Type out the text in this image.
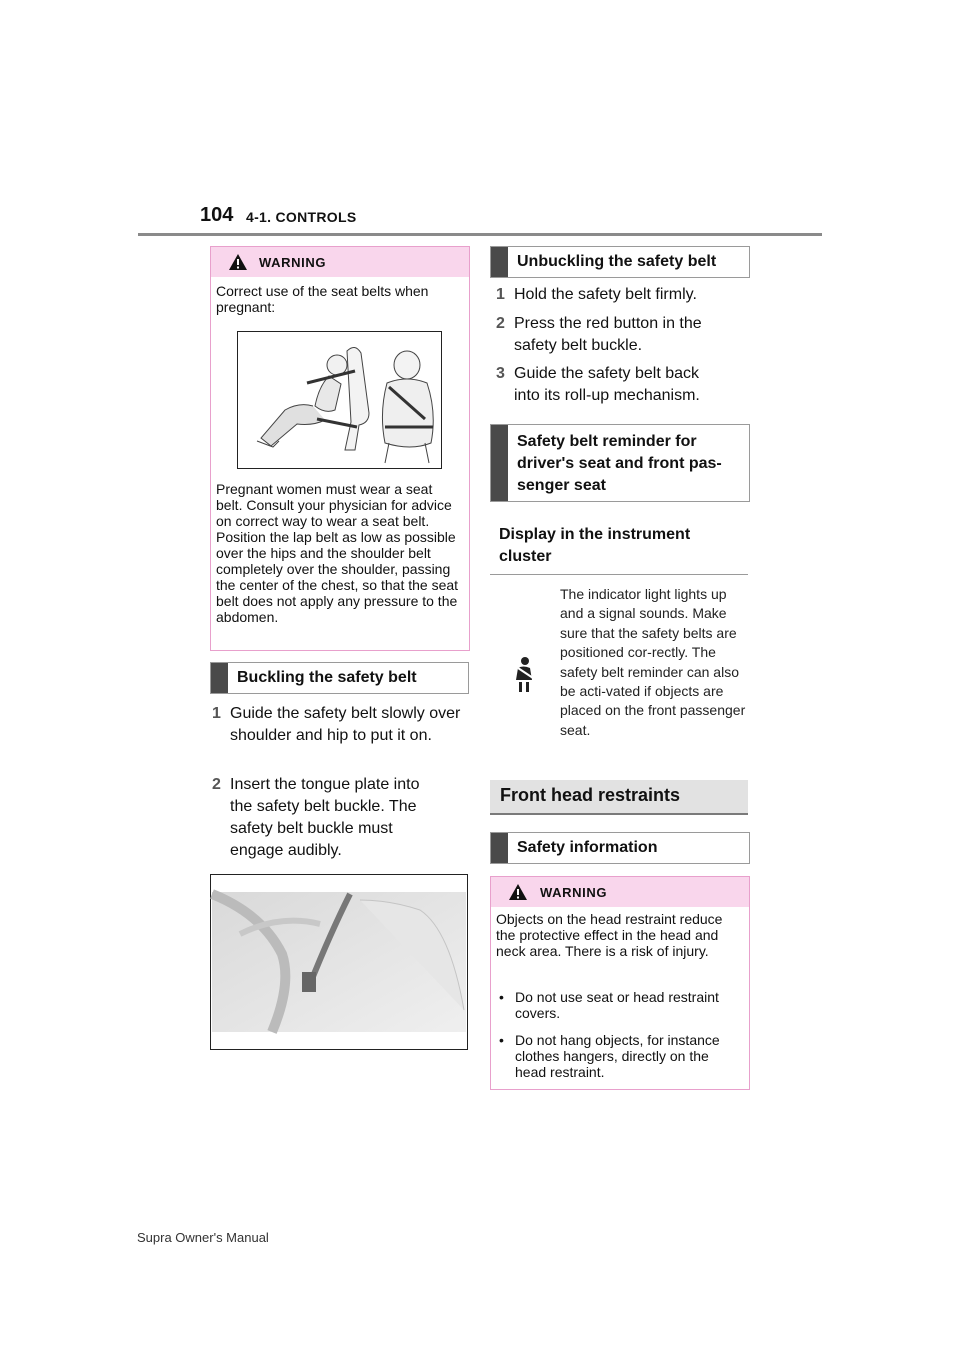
104 4-1. CONTROLS
WARNING
Correct use of the seat belts when pregnant:
Pregnant women must wear a seat belt. Consult your physician for advice on correct way to wear a seat belt. Position the lap belt as low as possible over the hips and the shoulder belt completely over the shoulder, passing the center of the chest, so that the seat belt does not apply any pressure to the abdomen.
Buckling the safety belt
1 Guide the safety belt slowly over shoulder and hip to put it on.
2 Insert the tongue plate into the safety belt buckle. The safety belt buckle must engage audibly.
Unbuckling the safety belt
1 Hold the safety belt firmly.
2 Press the red button in the safety belt buckle.
3 Guide the safety belt back into its roll-up mechanism.
Safety belt reminder for driver's seat and front pas-senger seat
Display in the instrument cluster
The indicator light lights up and a signal sounds. Make sure that the safety belts are positioned cor-rectly. The safety belt reminder can also be acti-vated if objects are placed on the front passenger seat.
Front head restraints
Safety information
WARNING
Objects on the head restraint reduce the protective effect in the head and neck area. There is a risk of injury.
• Do not use seat or head restraint covers.
• Do not hang objects, for instance clothes hangers, directly on the head restraint.
Supra Owner's Manual
